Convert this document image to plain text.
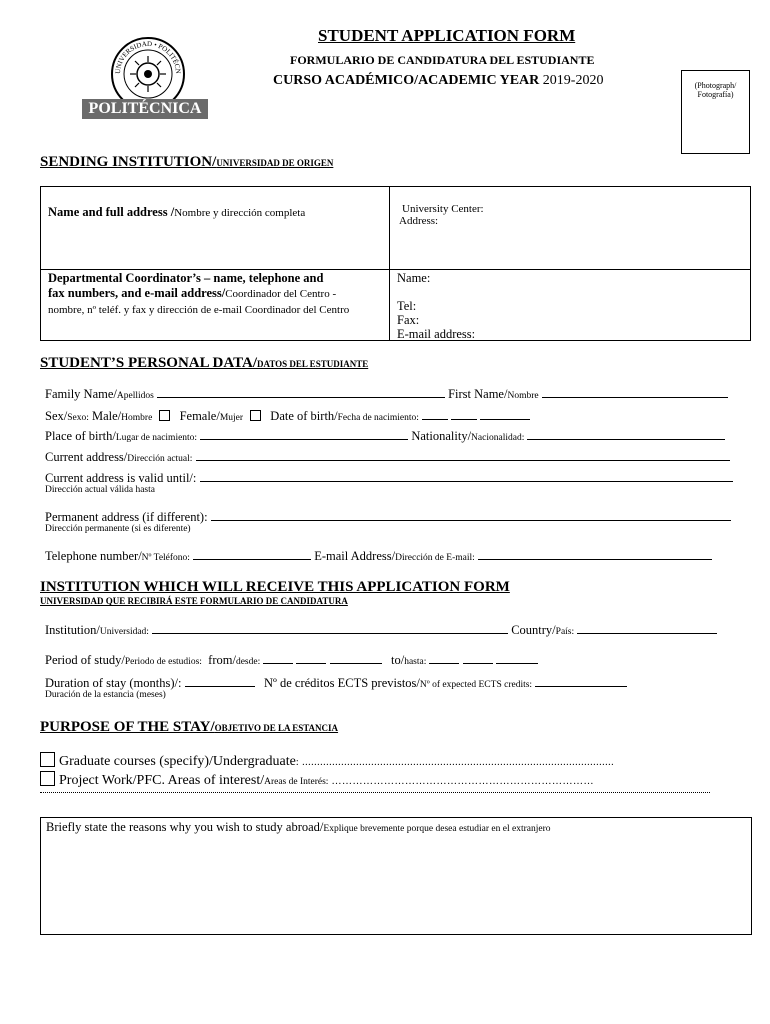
UNIVERSIDAD • POLITÉCN
POLITÉCNICA
STUDENT APPLICATION FORM
FORMULARIO DE CANDIDATURA DEL ESTUDIANTE
CURSO ACADÉMICO/ACADEMIC YEAR 2019-2020	(Photograph/
Fotografía)
SENDING INSTITUTION/UNIVERSIDAD DE ORIGEN
Name and full address /Nombre y dirección completa	University Center:
Address:
Departmental Coordinator’s – name, telephone and
fax numbers, and e-mail address/Coordinador del Centro -
nombre, nº teléf. y fax y dirección de e-mail Coordinador del Centro
Name:
Tel:
Fax:
E-mail address:
STUDENT’S PERSONAL DATA/DATOS DEL ESTUDIANTE
Family Name/Apellidos	First Name/Nombre
Sex/Sexo: Male/Hombre Female/Mujer Date of birth/Fecha de nacimiento:
Place of birth/Lugar de nacimiento:	Nationality/Nacionalidad:
Current address/Dirección actual:
Current address is valid until/:
Dirección actual válida hasta
Permanent address (if different):
Dirección permanente (si es diferente)
Telephone number/Nº Teléfono:	E-mail Address/Dirección de E-mail:
INSTITUTION WHICH WILL RECEIVE THIS APPLICATION FORM
UNIVERSIDAD QUE RECIBIRÁ ESTE FORMULARIO DE CANDIDATURA
Institution/Universidad:	Country/País:
Period of study/Periodo de estudios: from/desde:	to/hasta:
Duration of stay (months)/:	Nº de créditos ECTS previstos/Nº of expected ECTS credits:
Duración de la estancia (meses)
PURPOSE OF THE STAY/OBJETIVO DE LA ESTANCIA
Graduate courses (specify)/Undergraduate: ........................................................................................................
Project Work/PFC. Areas of interest/Areas de Interés: …………………………………………………………………
Briefly state the reasons why you wish to study abroad/Explique brevemente porque desea estudiar en el extranjero
